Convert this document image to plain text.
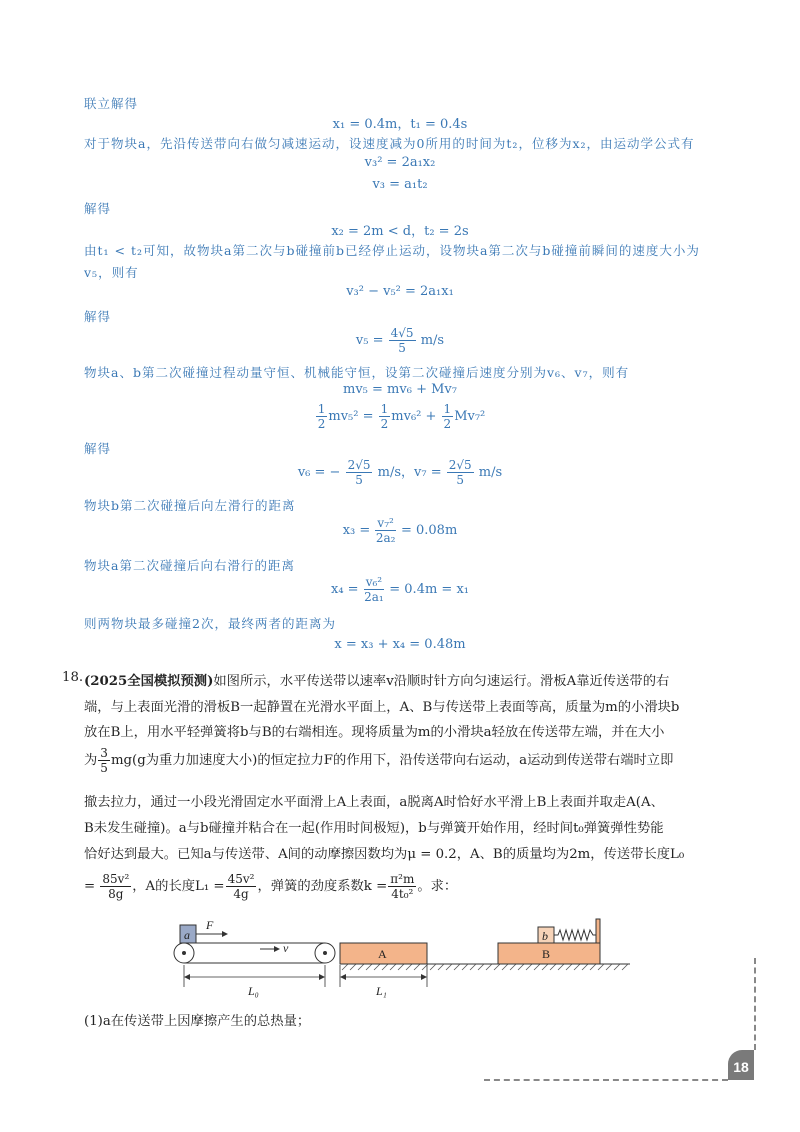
联立解得
x₁ = 0.4m，t₁ = 0.4s
对于物块a，先沿传送带向右做匀减速运动，设速度减为0所用的时间为t₂，位移为x₂，由运动学公式有
v₃² = 2a₁x₂
v₃ = a₁t₂
解得
x₂ = 2m < d，t₂ = 2s
由t₁ < t₂可知，故物块a第二次与b碰撞前b已经停止运动，设物块a第二次与b碰撞前瞬间的速度大小为
v₅，则有
v₃² − v₅² = 2a₁x₁
解得
$v_5 = \frac{4√5}{5} m/s$
物块a、b第二次碰撞过程动量守恒、机械能守恒，设第二次碰撞后速度分别为v₆、v₇，则有
mv₅ = mv₆ + Mv₇
$\frac{1}{2} mv_5^2 = \frac{1}{2} mv_6^2 + \frac{1}{2} Mv_7^2$
解得
v₆ = − $\frac{2√5}{5} m/s$，$v_7 = \frac{2√5}{5} m/s$
物块b第二次碰撞后向左滑行的距离
$x_3 = \frac{\text{v₇²}}{\text{2a₂}} = 0.08m$
物块a第二次碰撞后向右滑行的距离
$x_4 = \frac{\text{v₆²}}{\text{2a₁}} = 0.4m = x_1$
则两物块最多碰撞2次，最终两者的距离为
x = x₃ + x₄ = 0.48m
18. (2025全国模拟预测)如图所示，水平传送带以速率v沿顺时针方向匀速运行。滑板A靠近传送带的右
端，与上表面光滑的滑板B一起静置在光滑水平面上，A、B与传送带上表面等高，质量为m的小滑块b
放在B上，用水平轻弹簧将b与B的右端相连。现将质量为m的小滑块a轻放在传送带左端，并在大小
为 $\frac{3}{5} mg(g$为重力加速度大小)的恒定拉力F的作用下，沿传送带向右运动，a运动到传送带右端时立即
撤去拉力，通过一小段光滑固定水平面滑上A上表面，a脱离A时恰好水平滑上B上表面并取走A(A、
B未发生碰撞)。a与b碰撞并粘合在一起(作用时间极短)，b与弹簧开始作用，经时间t₀弹簧弹性势能
恰好达到最大。已知a与传送带、A间的动摩擦因数均为μ = 0.2，A、B的质量均为2m，传送带长度L₀
= $\frac{\text{85v²}}{8g}$ ，A的长度$L_1 = \frac{\text{45v²}}{4g}$ ，弹簧的劲度系数$k = \frac{\text{π²m}}{\text{4t₀²}}$ 。求：
a
F
v	A	B
b
L₀	L₁
(1)a在传送带上因摩擦产生的总热量；
18
